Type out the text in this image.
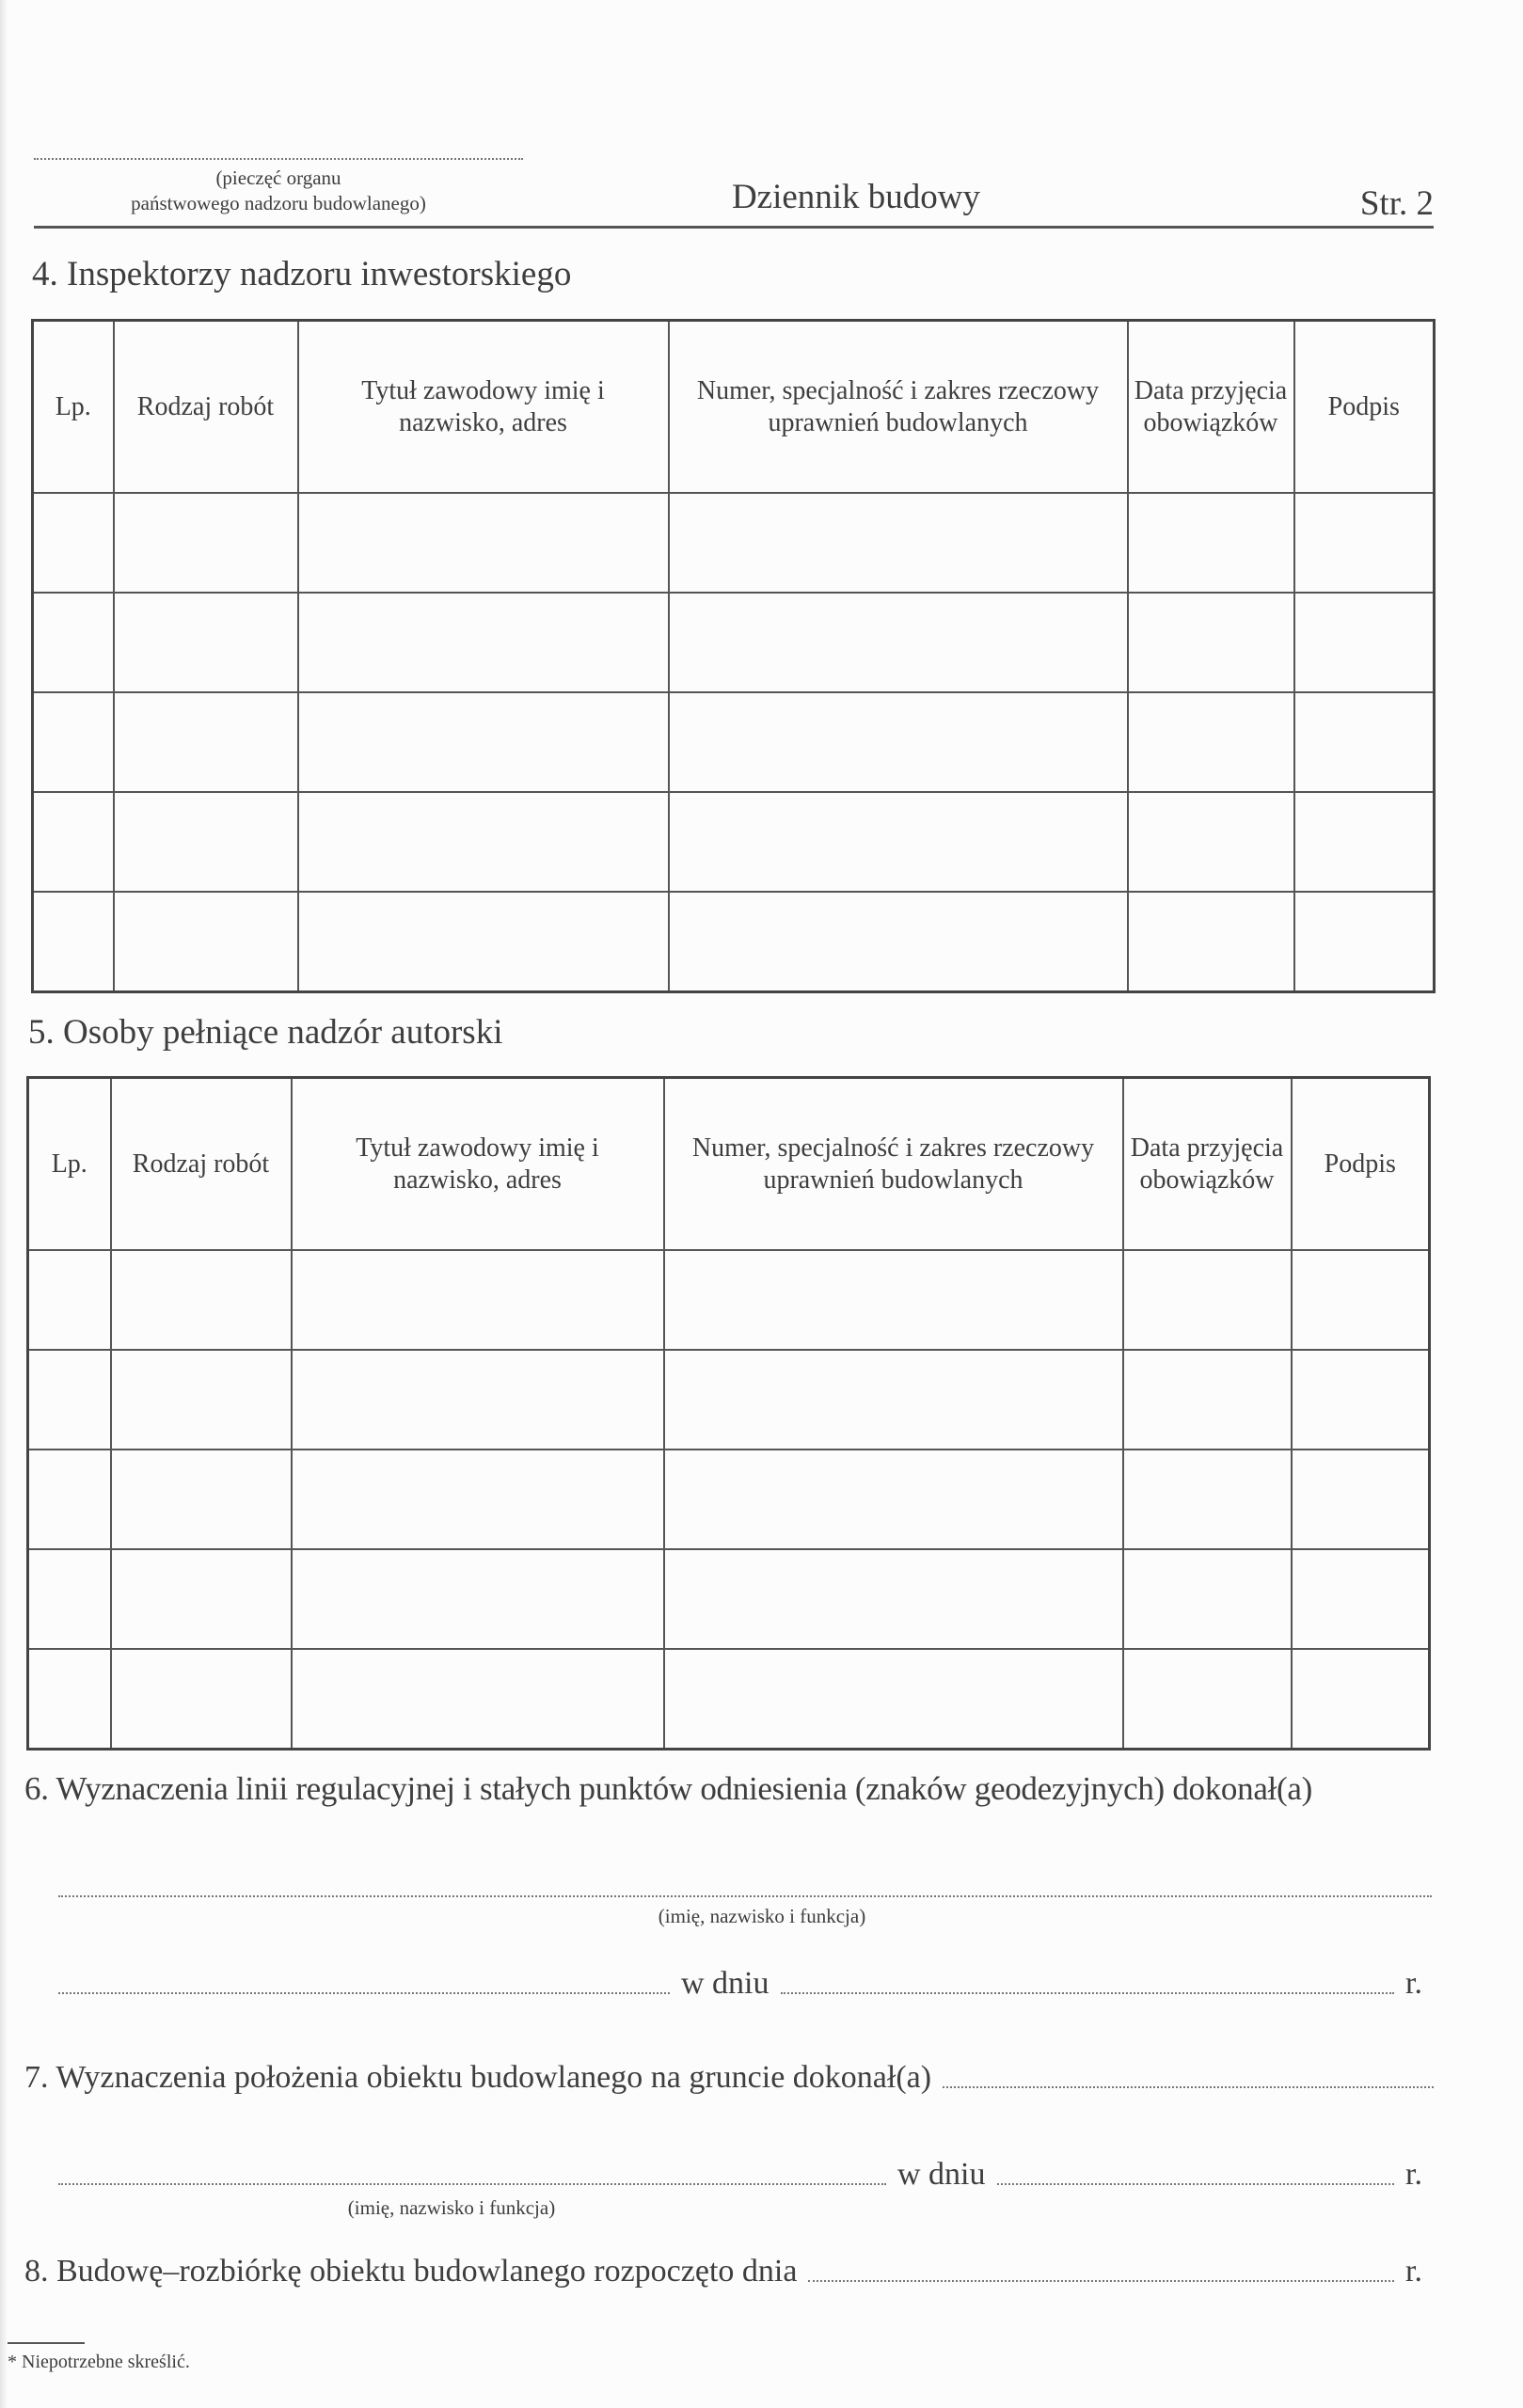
(pieczęć organu
państwowego nadzoru budowlanego)	Dziennik budowy	Str. 2
4. Inspektorzy nadzoru inwestorskiego
Lp.	Rodzaj robót	Tytuł zawodowy imię i nazwisko, adres	Numer, specjalność i zakres rzeczowy uprawnień budowlanych	Data przyjęcia obowiązków	Podpis

5. Osoby pełniące nadzór autorski
Lp.	Rodzaj robót	Tytuł zawodowy imię i nazwisko, adres	Numer, specjalność i zakres rzeczowy uprawnień budowlanych	Data przyjęcia obowiązków	Podpis

6. Wyznaczenia linii regulacyjnej i stałych punktów odniesienia (znaków geodezyjnych) dokonał(a)
(imię, nazwisko i funkcja)
w dniu	r.
7. Wyznaczenia położenia obiektu budowlanego na gruncie dokonał(a)
w dniu	r.
(imię, nazwisko i funkcja)
8. Budowę–rozbiórkę obiektu budowlanego rozpoczęto dnia	r.
* Niepotrzebne skreślić.
